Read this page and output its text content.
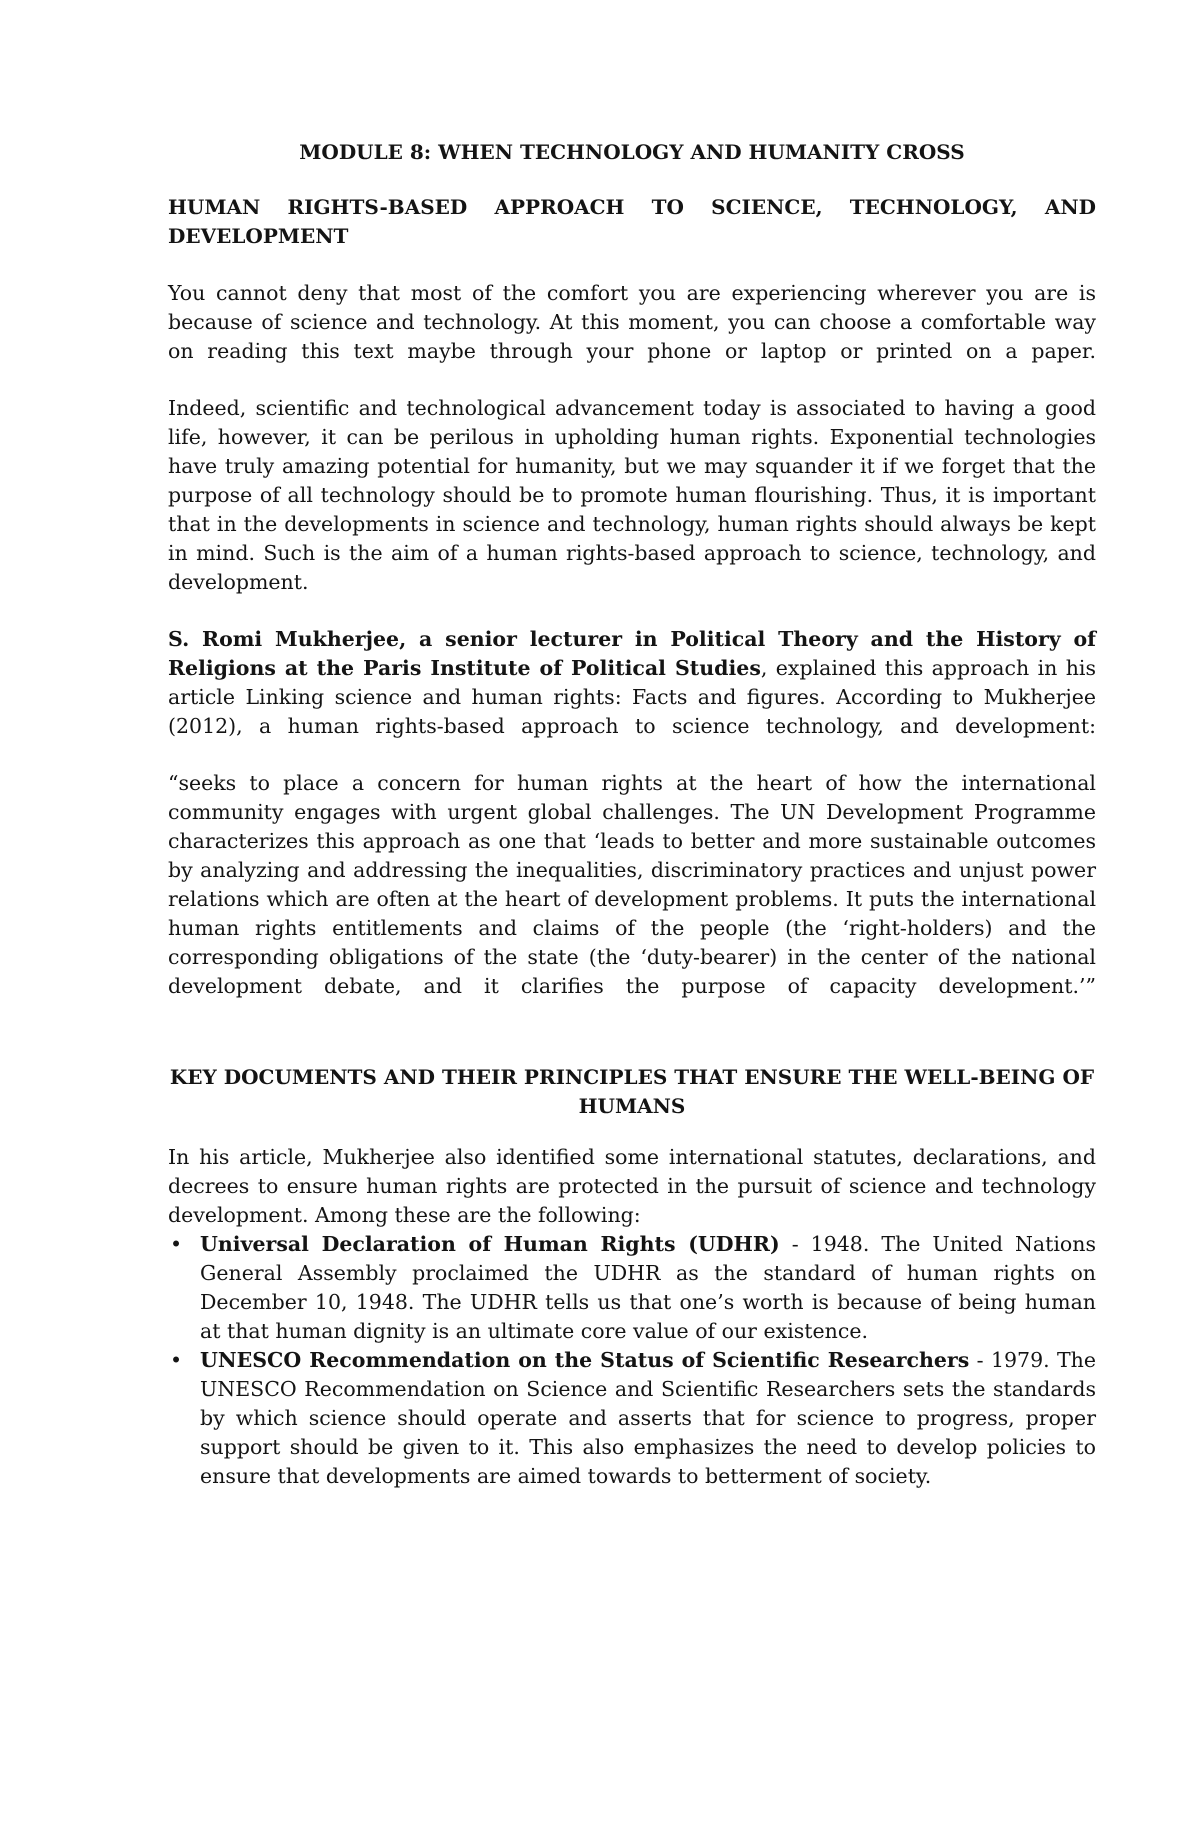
MODULE 8: WHEN TECHNOLOGY AND HUMANITY CROSS
HUMAN RIGHTS-BASED APPROACH TO SCIENCE, TECHNOLOGY, AND DEVELOPMENT

You cannot deny that most of the comfort you are experiencing wherever you are is because of science and technology. At this moment, you can choose a comfortable way on reading this text maybe through your phone or laptop or printed on a paper.

Indeed, scientific and technological advancement today is associated to having a good life, however, it can be perilous in upholding human rights. Exponential technologies have truly amazing potential for humanity, but we may squander it if we forget that the purpose of all technology should be to promote human flourishing. Thus, it is important that in the developments in science and technology, human rights should always be kept in mind. Such is the aim of a human rights-based approach to science, technology, and development.

S. Romi Mukherjee, a senior lecturer in Political Theory and the History of Religions at the Paris Institute of Political Studies, explained this approach in his article Linking science and human rights: Facts and figures. According to Mukherjee (2012), a human rights-based approach to science technology, and development:

“seeks to place a concern for human rights at the heart of how the international community engages with urgent global challenges. The UN Development Programme characterizes this approach as one that ‘leads to better and more sustainable outcomes by analyzing and addressing the inequalities, discriminatory practices and unjust power relations which are often at the heart of development problems. It puts the international human rights entitlements and claims of the people (the ‘right-holders) and the corresponding obligations of the state (the ‘duty-bearer) in the center of the national development debate, and it clarifies the purpose of capacity development.’”

KEY DOCUMENTS AND THEIR PRINCIPLES THAT ENSURE THE WELL-BEING OF HUMANS

In his article, Mukherjee also identified some international statutes, declarations, and decrees to ensure human rights are protected in the pursuit of science and technology development. Among these are the following:

• Universal Declaration of Human Rights (UDHR) - 1948. The United Nations General Assembly proclaimed the UDHR as the standard of human rights on December 10, 1948. The UDHR tells us that one’s worth is because of being human at that human dignity is an ultimate core value of our existence.
• UNESCO Recommendation on the Status of Scientific Researchers - 1979. The UNESCO Recommendation on Science and Scientific Researchers sets the standards by which science should operate and asserts that for science to progress, proper support should be given to it. This also emphasizes the need to develop policies to ensure that developments are aimed towards to betterment of society.
